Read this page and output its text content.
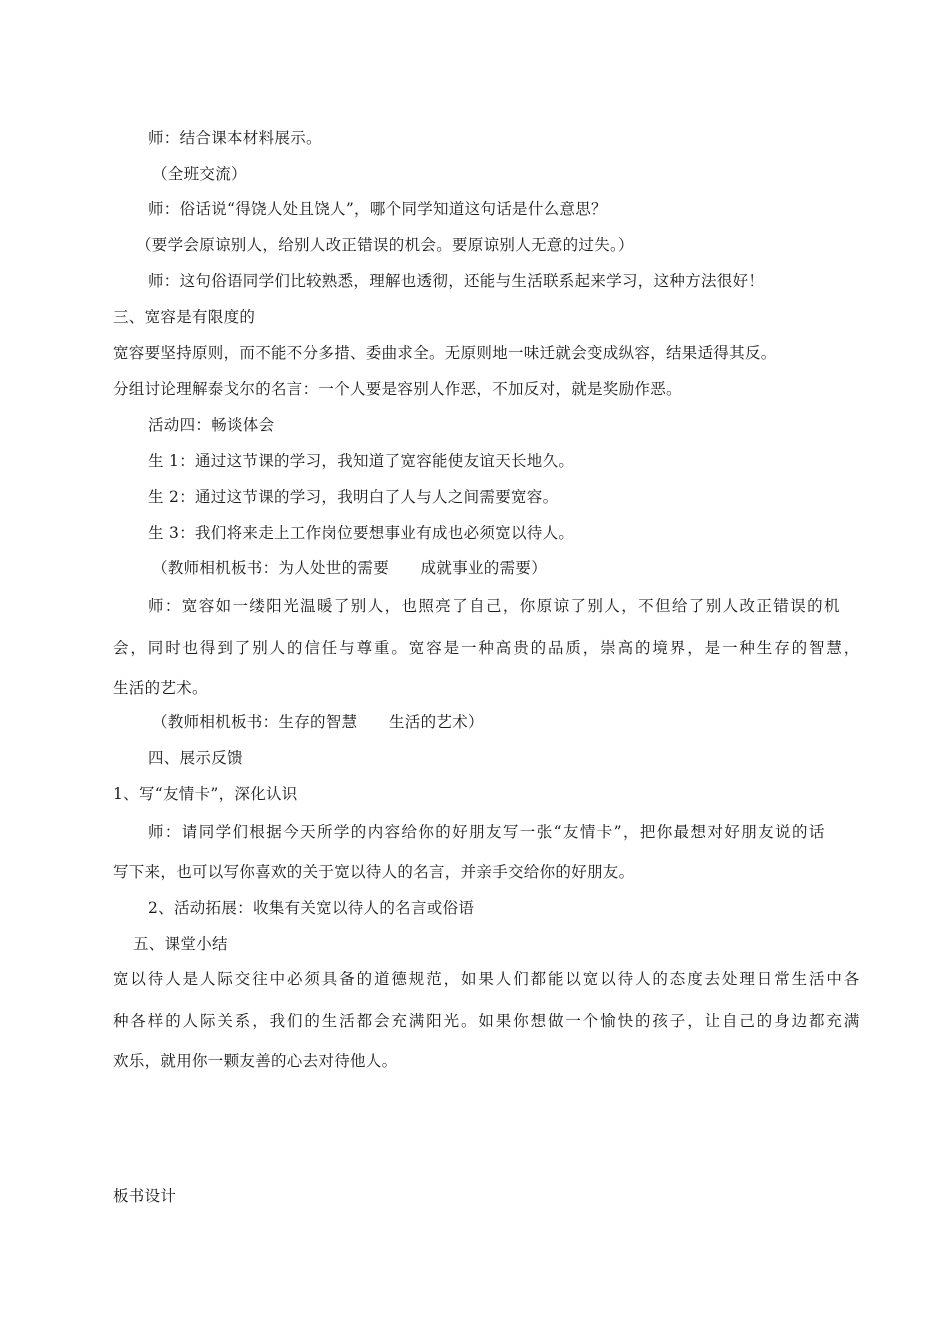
师：结合课本材料展示。
（全班交流）
师：俗话说“得饶人处且饶人”，哪个同学知道这句话是什么意思？
（要学会原谅别人，给别人改正错误的机会。要原谅别人无意的过失。）
师：这句俗语同学们比较熟悉，理解也透彻，还能与生活联系起来学习，这种方法很好！
三、宽容是有限度的
宽容要坚持原则，而不能不分多措、委曲求全。无原则地一味迁就会变成纵容，结果适得其反。
分组讨论理解泰戈尔的名言：一个人要是容别人作恶，不加反对，就是奖励作恶。
活动四：畅谈体会
生 1：通过这节课的学习，我知道了宽容能使友谊天长地久。
生 2：通过这节课的学习，我明白了人与人之间需要宽容。
生 3：我们将来走上工作岗位要想事业有成也必须宽以待人。
（教师相机板书：为人处世的需要　　成就事业的需要）
师：宽容如一缕阳光温暖了别人，也照亮了自己，你原谅了别人，不但给了别人改正错误的机
会，同时也得到了别人的信任与尊重。宽容是一种高贵的品质，崇高的境界，是一种生存的智慧，
生活的艺术。
（教师相机板书：生存的智慧　　生活的艺术）
四、展示反馈
1、写“友情卡”，深化认识
师：请同学们根据今天所学的内容给你的好朋友写一张“友情卡”，把你最想对好朋友说的话
写下来，也可以写你喜欢的关于宽以待人的名言，并亲手交给你的好朋友。
2、活动拓展：收集有关宽以待人的名言或俗语
五、课堂小结
宽以待人是人际交往中必须具备的道德规范，如果人们都能以宽以待人的态度去处理日常生活中各
种各样的人际关系，我们的生活都会充满阳光。如果你想做一个愉快的孩子，让自己的身边都充满
欢乐，就用你一颗友善的心去对待他人。
板书设计
